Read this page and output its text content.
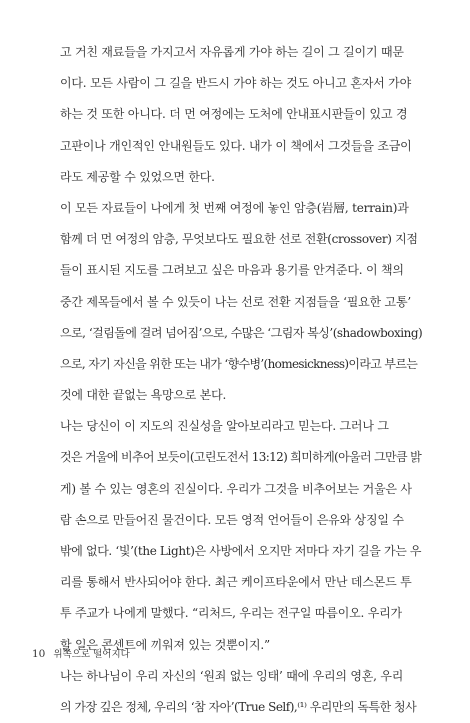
고 거친 재료들을 가지고서 자유롭게 가야 하는 길이 그 길이기 때문
이다. 모든 사람이 그 길을 반드시 가야 하는 것도 아니고 혼자서 가야
하는 것 또한 아니다. 더 먼 여정에는 도처에 안내표시판들이 있고 경
고판이나 개인적인 안내원들도 있다. 내가 이 책에서 그것들을 조금이
라도 제공할 수 있었으면 한다.
이 모든 자료들이 나에게 첫 번째 여정에 놓인 암층(岩層, terrain)과
함께 더 먼 여정의 암층, 무엇보다도 필요한 선로 전환(crossover) 지점
들이 표시된 지도를 그려보고 싶은 마음과 용기를 안겨준다. 이 책의
중간 제목들에서 볼 수 있듯이 나는 선로 전환 지점들을 ‘필요한 고통’
으로, ‘걸림돌에 걸려 넘어짐’으로, 수많은 ‘그림자 복싱’(shadowboxing)
으로, 자기 자신을 위한 또는 내가 ‘향수병’(homesickness)이라고 부르는
것에 대한 끝없는 욕망으로 본다.
나는 당신이 이 지도의 진실성을 알아보리라고 믿는다. 그러나 그
것은 거울에 비추어 보듯이(고린도전서 13:12) 희미하게(아울러 그만큼 밝
게) 볼 수 있는 영혼의 진실이다. 우리가 그것을 비추어보는 거울은 사
람 손으로 만들어진 물건이다. 모든 영적 언어들이 은유와 상징일 수
밖에 없다. ‘빛’(the Light)은 사방에서 오지만 저마다 자기 길을 가는 우
리를 통해서 반사되어야 한다. 최근 케이프타운에서 만난 데스몬드 투
투 주교가 나에게 말했다. “리처드, 우리는 전구일 따름이오. 우리가
할 일은 콘센트에 끼워져 있는 것뿐이지.”
나는 하나님이 우리 자신의 ‘원죄 없는 잉태’ 때에 우리의 영혼, 우리
의 가장 깊은 정체, 우리의 ‘참 자아’(True Self),⁽¹⁾ 우리만의 독특한 청사
10 위쪽으로 떨어지다
